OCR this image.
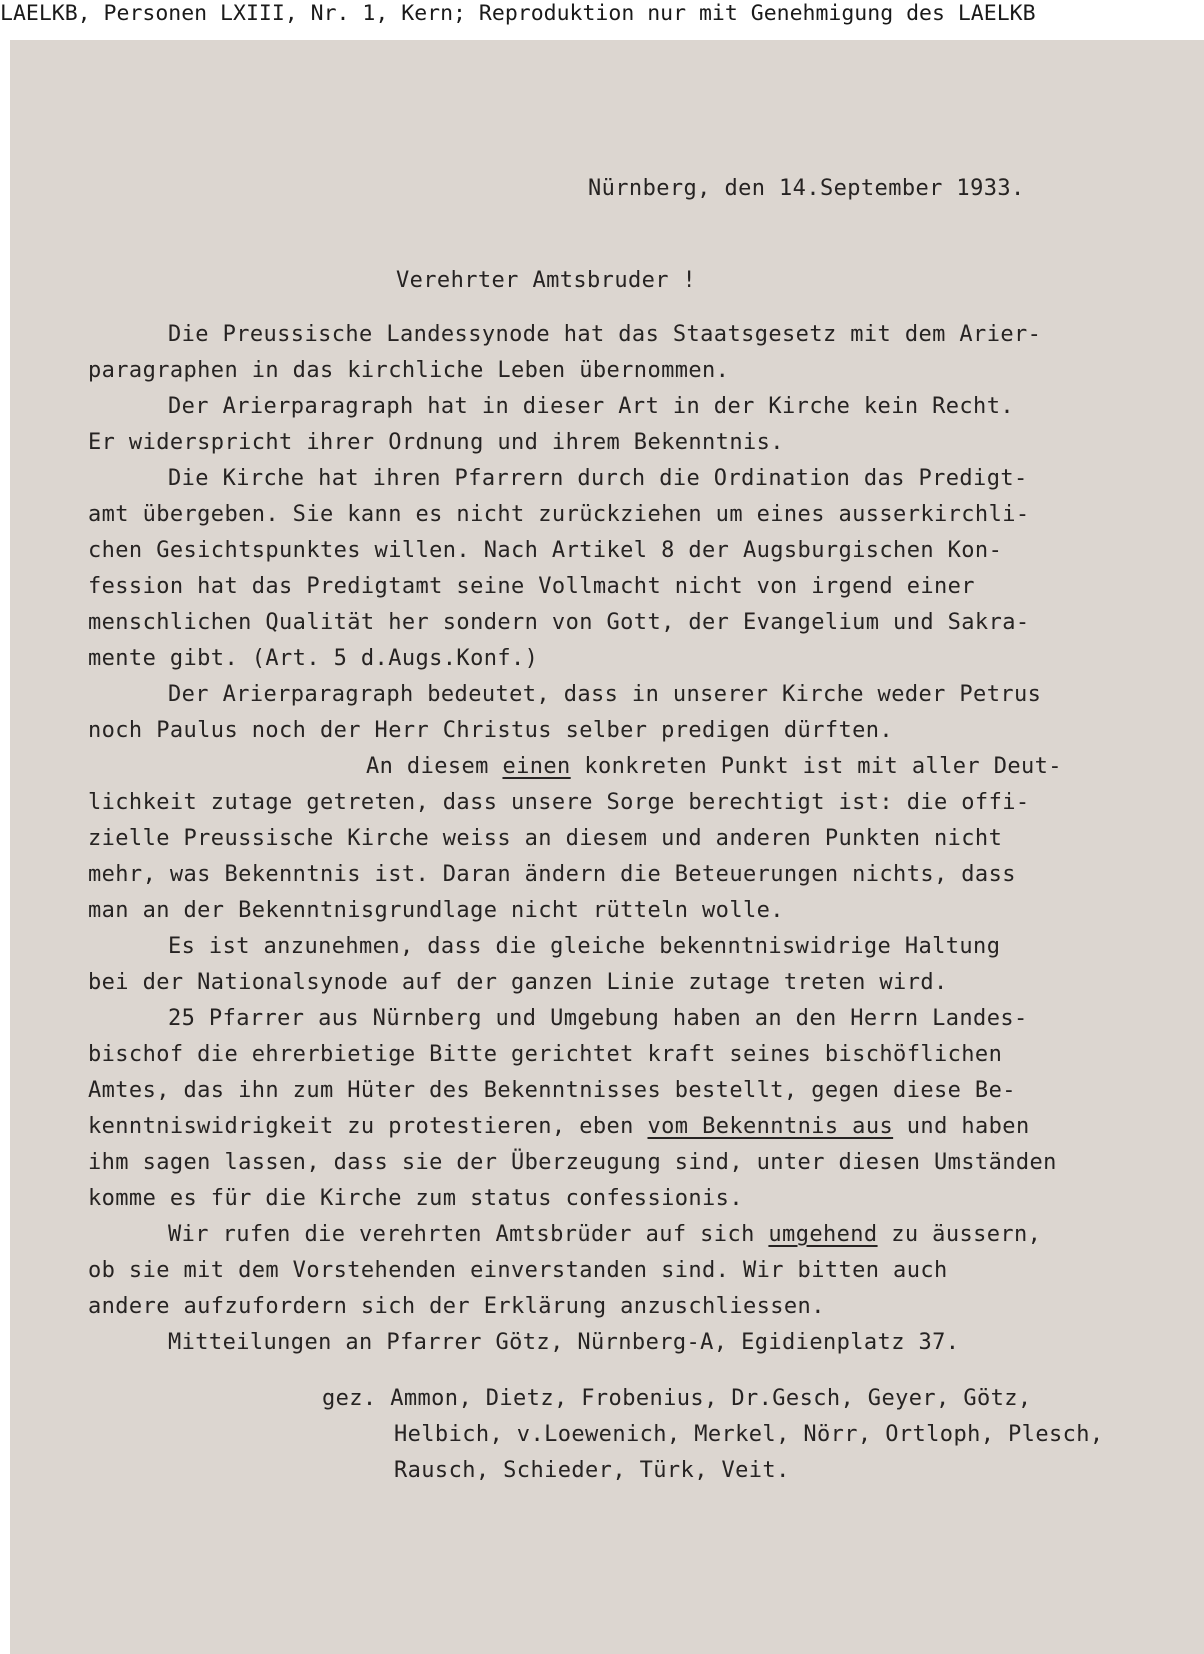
LAELKB, Personen LXIII, Nr. 1, Kern; Reproduktion nur mit Genehmigung des LAELKB
Nürnberg, den 14.September 1933.
Verehrter Amtsbruder !
Die Preussische Landessynode hat das Staatsgesetz mit dem Arier-
paragraphen in das kirchliche Leben übernommen.
Der Arierparagraph hat in dieser Art in der Kirche kein Recht.
Er widerspricht ihrer Ordnung und ihrem Bekenntnis.
Die Kirche hat ihren Pfarrern durch die Ordination das Predigt-
amt übergeben. Sie kann es nicht zurückziehen um eines ausserkirchli-
chen Gesichtspunktes willen. Nach Artikel 8 der Augsburgischen Kon-
fession hat das Predigtamt seine Vollmacht nicht von irgend einer
menschlichen Qualität her sondern von Gott, der Evangelium und Sakra-
mente gibt. (Art. 5 d.Augs.Konf.)
Der Arierparagraph bedeutet, dass in unserer Kirche weder Petrus
noch Paulus noch der Herr Christus selber predigen dürften.
An diesem einen konkreten Punkt ist mit aller Deut-
lichkeit zutage getreten, dass unsere Sorge berechtigt ist: die offi-
zielle Preussische Kirche weiss an diesem und anderen Punkten nicht
mehr, was Bekenntnis ist. Daran ändern die Beteuerungen nichts, dass
man an der Bekenntnisgrundlage nicht rütteln wolle.
Es ist anzunehmen, dass die gleiche bekenntniswidrige Haltung
bei der Nationalsynode auf der ganzen Linie zutage treten wird.
25 Pfarrer aus Nürnberg und Umgebung haben an den Herrn Landes-
bischof die ehrerbietige Bitte gerichtet kraft seines bischöflichen
Amtes, das ihn zum Hüter des Bekenntnisses bestellt, gegen diese Be-
kenntniswidrigkeit zu protestieren, eben vom Bekenntnis aus und haben
ihm sagen lassen, dass sie der Überzeugung sind, unter diesen Umständen
komme es für die Kirche zum status confessionis.
Wir rufen die verehrten Amtsbrüder auf sich umgehend zu äussern,
ob sie mit dem Vorstehenden einverstanden sind. Wir bitten auch
andere aufzufordern sich der Erklärung anzuschliessen.
Mitteilungen an Pfarrer Götz, Nürnberg-A, Egidienplatz 37.
gez. Ammon, Dietz, Frobenius, Dr.Gesch, Geyer, Götz,
Helbich, v.Loewenich, Merkel, Nörr, Ortloph, Plesch,
Rausch, Schieder, Türk, Veit.
